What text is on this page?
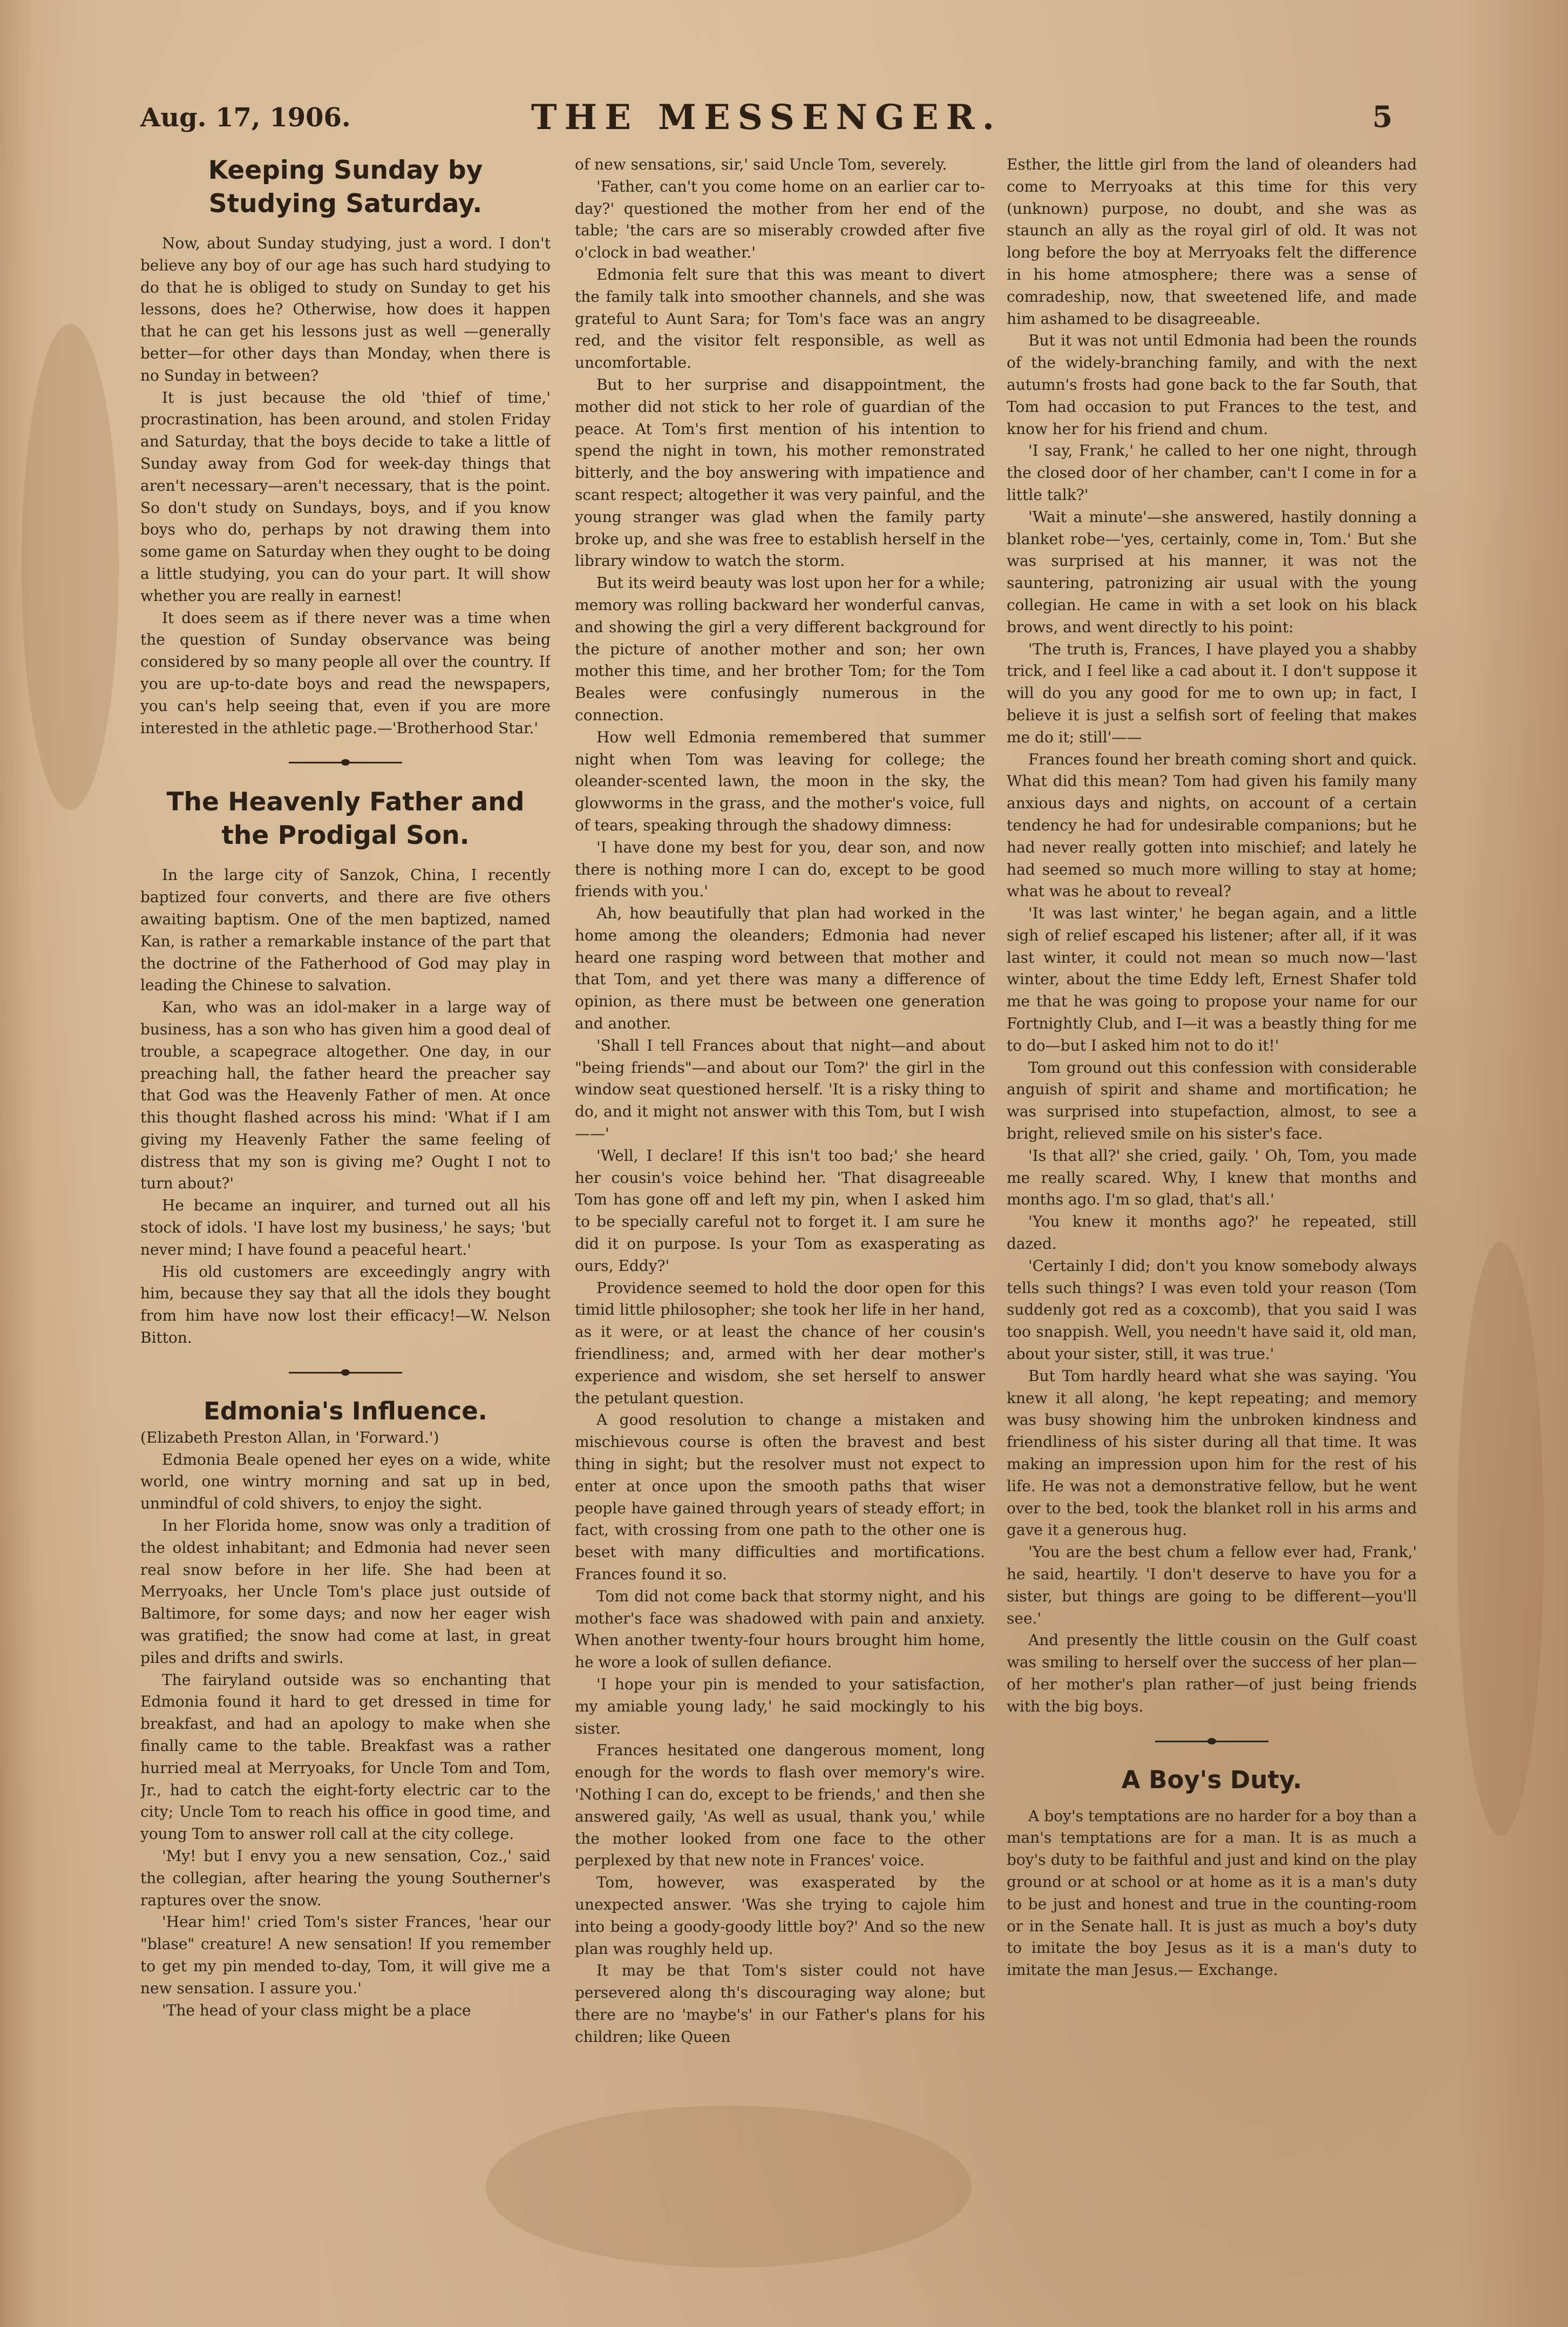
Aug. 17, 1906.	THE MESSENGER.	5
Keeping Sunday by Studying Saturday.

Now, about Sunday studying, just a word. I don't believe any boy of our age has such hard studying to do that he is obliged to study on Sunday to get his lessons, does he? Otherwise, how does it happen that he can get his lessons just as well —generally better—for other days than Monday, when there is no Sunday in between?

It is just because the old 'thief of time,' procrastination, has been around, and stolen Friday and Saturday, that the boys decide to take a little of Sunday away from God for week-day things that aren't necessary—aren't necessary, that is the point. So don't study on Sundays, boys, and if you know boys who do, perhaps by not drawing them into some game on Saturday when they ought to be doing a little studying, you can do your part. It will show whether you are really in earnest!

It does seem as if there never was a time when the question of Sunday observance was being considered by so many people all over the country. If you are up-to-date boys and read the newspapers, you can's help seeing that, even if you are more interested in the athletic page.—'Brotherhood Star.'

The Heavenly Father and the Prodigal Son.

In the large city of Sanzok, China, I recently baptized four converts, and there are five others awaiting baptism. One of the men baptized, named Kan, is rather a remarkable instance of the part that the doctrine of the Fatherhood of God may play in leading the Chinese to salvation.

Kan, who was an idol-maker in a large way of business, has a son who has given him a good deal of trouble, a scapegrace altogether. One day, in our preaching hall, the father heard the preacher say that God was the Heavenly Father of men. At once this thought flashed across his mind: 'What if I am giving my Heavenly Father the same feeling of distress that my son is giving me? Ought I not to turn about?'

He became an inquirer, and turned out all his stock of idols. 'I have lost my business,' he says; 'but never mind; I have found a peaceful heart.'

His old customers are exceedingly angry with him, because they say that all the idols they bought from him have now lost their efficacy!—W. Nelson Bitton.

Edmonia's Influence.

(Elizabeth Preston Allan, in 'Forward.')

Edmonia Beale opened her eyes on a wide, white world, one wintry morning and sat up in bed, unmindful of cold shivers, to enjoy the sight.

In her Florida home, snow was only a tradition of the oldest inhabitant; and Edmonia had never seen real snow before in her life. She had been at Merryoaks, her Uncle Tom's place just outside of Baltimore, for some days; and now her eager wish was gratified; the snow had come at last, in great piles and drifts and swirls.

The fairyland outside was so enchanting that Edmonia found it hard to get dressed in time for breakfast, and had an apology to make when she finally came to the table. Breakfast was a rather hurried meal at Merryoaks, for Uncle Tom and Tom, Jr., had to catch the eight-forty electric car to the city; Uncle Tom to reach his office in good time, and young Tom to answer roll call at the city college.

'My! but I envy you a new sensation, Coz.,' said the collegian, after hearing the young Southerner's raptures over the snow.

'Hear him!' cried Tom's sister Frances, 'hear our "blase" creature! A new sensation! If you remember to get my pin mended to-day, Tom, it will give me a new sensation. I assure you.'

'The head of your class might be a place

of new sensations, sir,' said Uncle Tom, severely.

'Father, can't you come home on an earlier car to-day?' questioned the mother from her end of the table; 'the cars are so miserably crowded after five o'clock in bad weather.'

Edmonia felt sure that this was meant to divert the family talk into smoother channels, and she was grateful to Aunt Sara; for Tom's face was an angry red, and the visitor felt responsible, as well as uncomfortable.

But to her surprise and disappointment, the mother did not stick to her role of guardian of the peace. At Tom's first mention of his intention to spend the night in town, his mother remonstrated bitterly, and the boy answering with impatience and scant respect; altogether it was very painful, and the young stranger was glad when the family party broke up, and she was free to establish herself in the library window to watch the storm.

But its weird beauty was lost upon her for a while; memory was rolling backward her wonderful canvas, and showing the girl a very different background for the picture of another mother and son; her own mother this time, and her brother Tom; for the Tom Beales were confusingly numerous in the connection.

How well Edmonia remembered that summer night when Tom was leaving for college; the oleander-scented lawn, the moon in the sky, the glowworms in the grass, and the mother's voice, full of tears, speaking through the shadowy dimness:

'I have done my best for you, dear son, and now there is nothing more I can do, except to be good friends with you.'

Ah, how beautifully that plan had worked in the home among the oleanders; Edmonia had never heard one rasping word between that mother and that Tom, and yet there was many a difference of opinion, as there must be between one generation and another.

'Shall I tell Frances about that night—and about "being friends"—and about our Tom?' the girl in the window seat questioned herself. 'It is a risky thing to do, and it might not answer with this Tom, but I wish——'

'Well, I declare! If this isn't too bad;' she heard her cousin's voice behind her. 'That disagreeable Tom has gone off and left my pin, when I asked him to be specially careful not to forget it. I am sure he did it on purpose. Is your Tom as exasperating as ours, Eddy?'

Providence seemed to hold the door open for this timid little philosopher; she took her life in her hand, as it were, or at least the chance of her cousin's friendliness; and, armed with her dear mother's experience and wisdom, she set herself to answer the petulant question.

A good resolution to change a mistaken and mischievous course is often the bravest and best thing in sight; but the resolver must not expect to enter at once upon the smooth paths that wiser people have gained through years of steady effort; in fact, with crossing from one path to the other one is beset with many difficulties and mortifications. Frances found it so.

Tom did not come back that stormy night, and his mother's face was shadowed with pain and anxiety. When another twenty-four hours brought him home, he wore a look of sullen defiance.

'I hope your pin is mended to your satisfaction, my amiable young lady,' he said mockingly to his sister.

Frances hesitated one dangerous moment, long enough for the words to flash over memory's wire. 'Nothing I can do, except to be friends,' and then she answered gaily, 'As well as usual, thank you,' while the mother looked from one face to the other perplexed by that new note in Frances' voice.

Tom, however, was exasperated by the unexpected answer. 'Was she trying to cajole him into being a goody-goody little boy?' And so the new plan was roughly held up.

It may be that Tom's sister could not have persevered along th's discouraging way alone; but there are no 'maybe's' in our Father's plans for his children; like Queen

Esther, the little girl from the land of oleanders had come to Merryoaks at this time for this very (unknown) purpose, no doubt, and she was as staunch an ally as the royal girl of old. It was not long before the boy at Merryoaks felt the difference in his home atmosphere; there was a sense of comradeship, now, that sweetened life, and made him ashamed to be disagreeable.

But it was not until Edmonia had been the rounds of the widely-branching family, and with the next autumn's frosts had gone back to the far South, that Tom had occasion to put Frances to the test, and know her for his friend and chum.

'I say, Frank,' he called to her one night, through the closed door of her chamber, can't I come in for a little talk?'

'Wait a minute'—she answered, hastily donning a blanket robe—'yes, certainly, come in, Tom.' But she was surprised at his manner, it was not the sauntering, patronizing air usual with the young collegian. He came in with a set look on his black brows, and went directly to his point:

'The truth is, Frances, I have played you a shabby trick, and I feel like a cad about it. I don't suppose it will do you any good for me to own up; in fact, I believe it is just a selfish sort of feeling that makes me do it; still'——

Frances found her breath coming short and quick. What did this mean? Tom had given his family many anxious days and nights, on account of a certain tendency he had for undesirable companions; but he had never really gotten into mischief; and lately he had seemed so much more willing to stay at home; what was he about to reveal?

'It was last winter,' he began again, and a little sigh of relief escaped his listener; after all, if it was last winter, it could not mean so much now—'last winter, about the time Eddy left, Ernest Shafer told me that he was going to propose your name for our Fortnightly Club, and I—it was a beastly thing for me to do—but I asked him not to do it!'

Tom ground out this confession with considerable anguish of spirit and shame and mortification; he was surprised into stupefaction, almost, to see a bright, relieved smile on his sister's face.

'Is that all?' she cried, gaily. ' Oh, Tom, you made me really scared. Why, I knew that months and months ago. I'm so glad, that's all.'

'You knew it months ago?' he repeated, still dazed.

'Certainly I did; don't you know somebody always tells such things? I was even told your reason (Tom suddenly got red as a coxcomb), that you said I was too snappish. Well, you needn't have said it, old man, about your sister, still, it was true.'

But Tom hardly heard what she was saying. 'You knew it all along, 'he kept repeating; and memory was busy showing him the unbroken kindness and friendliness of his sister during all that time. It was making an impression upon him for the rest of his life. He was not a demonstrative fellow, but he went over to the bed, took the blanket roll in his arms and gave it a generous hug.

'You are the best chum a fellow ever had, Frank,' he said, heartily. 'I don't deserve to have you for a sister, but things are going to be different—you'll see.'

And presently the little cousin on the Gulf coast was smiling to herself over the success of her plan—of her mother's plan rather—of just being friends with the big boys.

A Boy's Duty.

A boy's temptations are no harder for a boy than a man's temptations are for a man. It is as much a boy's duty to be faithful and just and kind on the play ground or at school or at home as it is a man's duty to be just and honest and true in the counting-room or in the Senate hall. It is just as much a boy's duty to imitate the boy Jesus as it is a man's duty to imitate the man Jesus.— Exchange.
